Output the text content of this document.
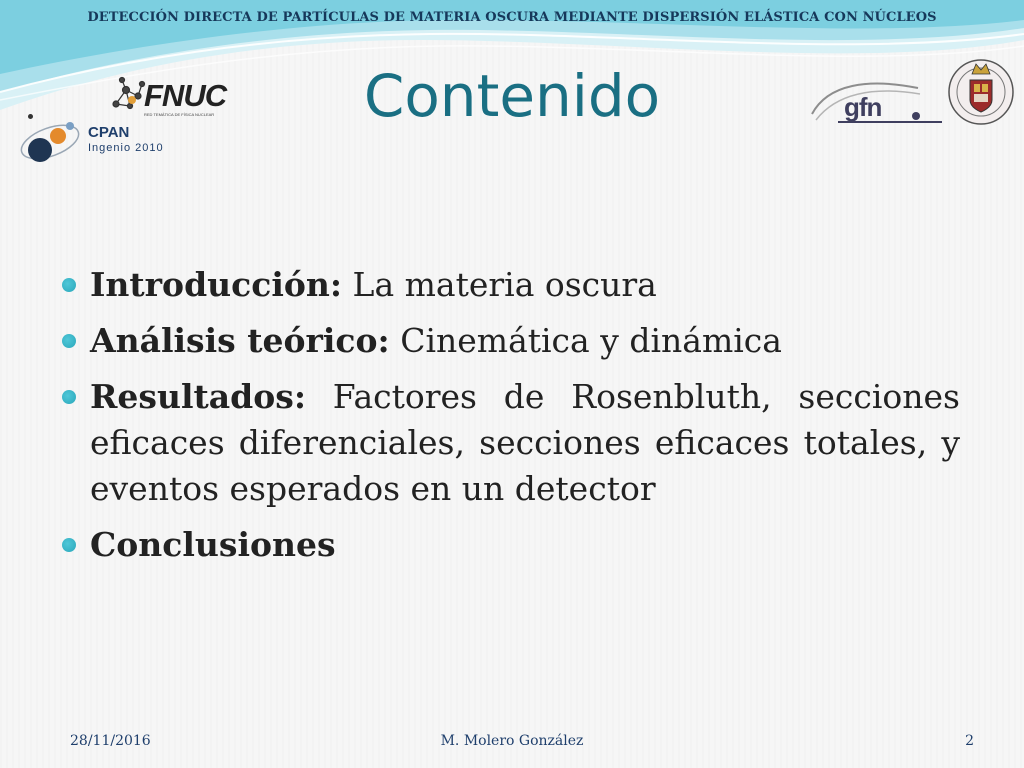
DETECCIÓN DIRECTA DE PARTÍCULAS DE MATERIA OSCURA MEDIANTE DISPERSIÓN ELÁSTICA CON NÚCLEOS
FNUC
RED TEMÁTICA DE FÍSICA NUCLEAR
CPAN
Ingenio 2010
Contenido	gfn
Introducción: La materia oscura
Análisis teórico: Cinemática y dinámica
Resultados: Factores de Rosenbluth, secciones eficaces diferenciales, secciones eficaces totales, y eventos esperados en un detector
Conclusiones
28/11/2016	M. Molero González	2
